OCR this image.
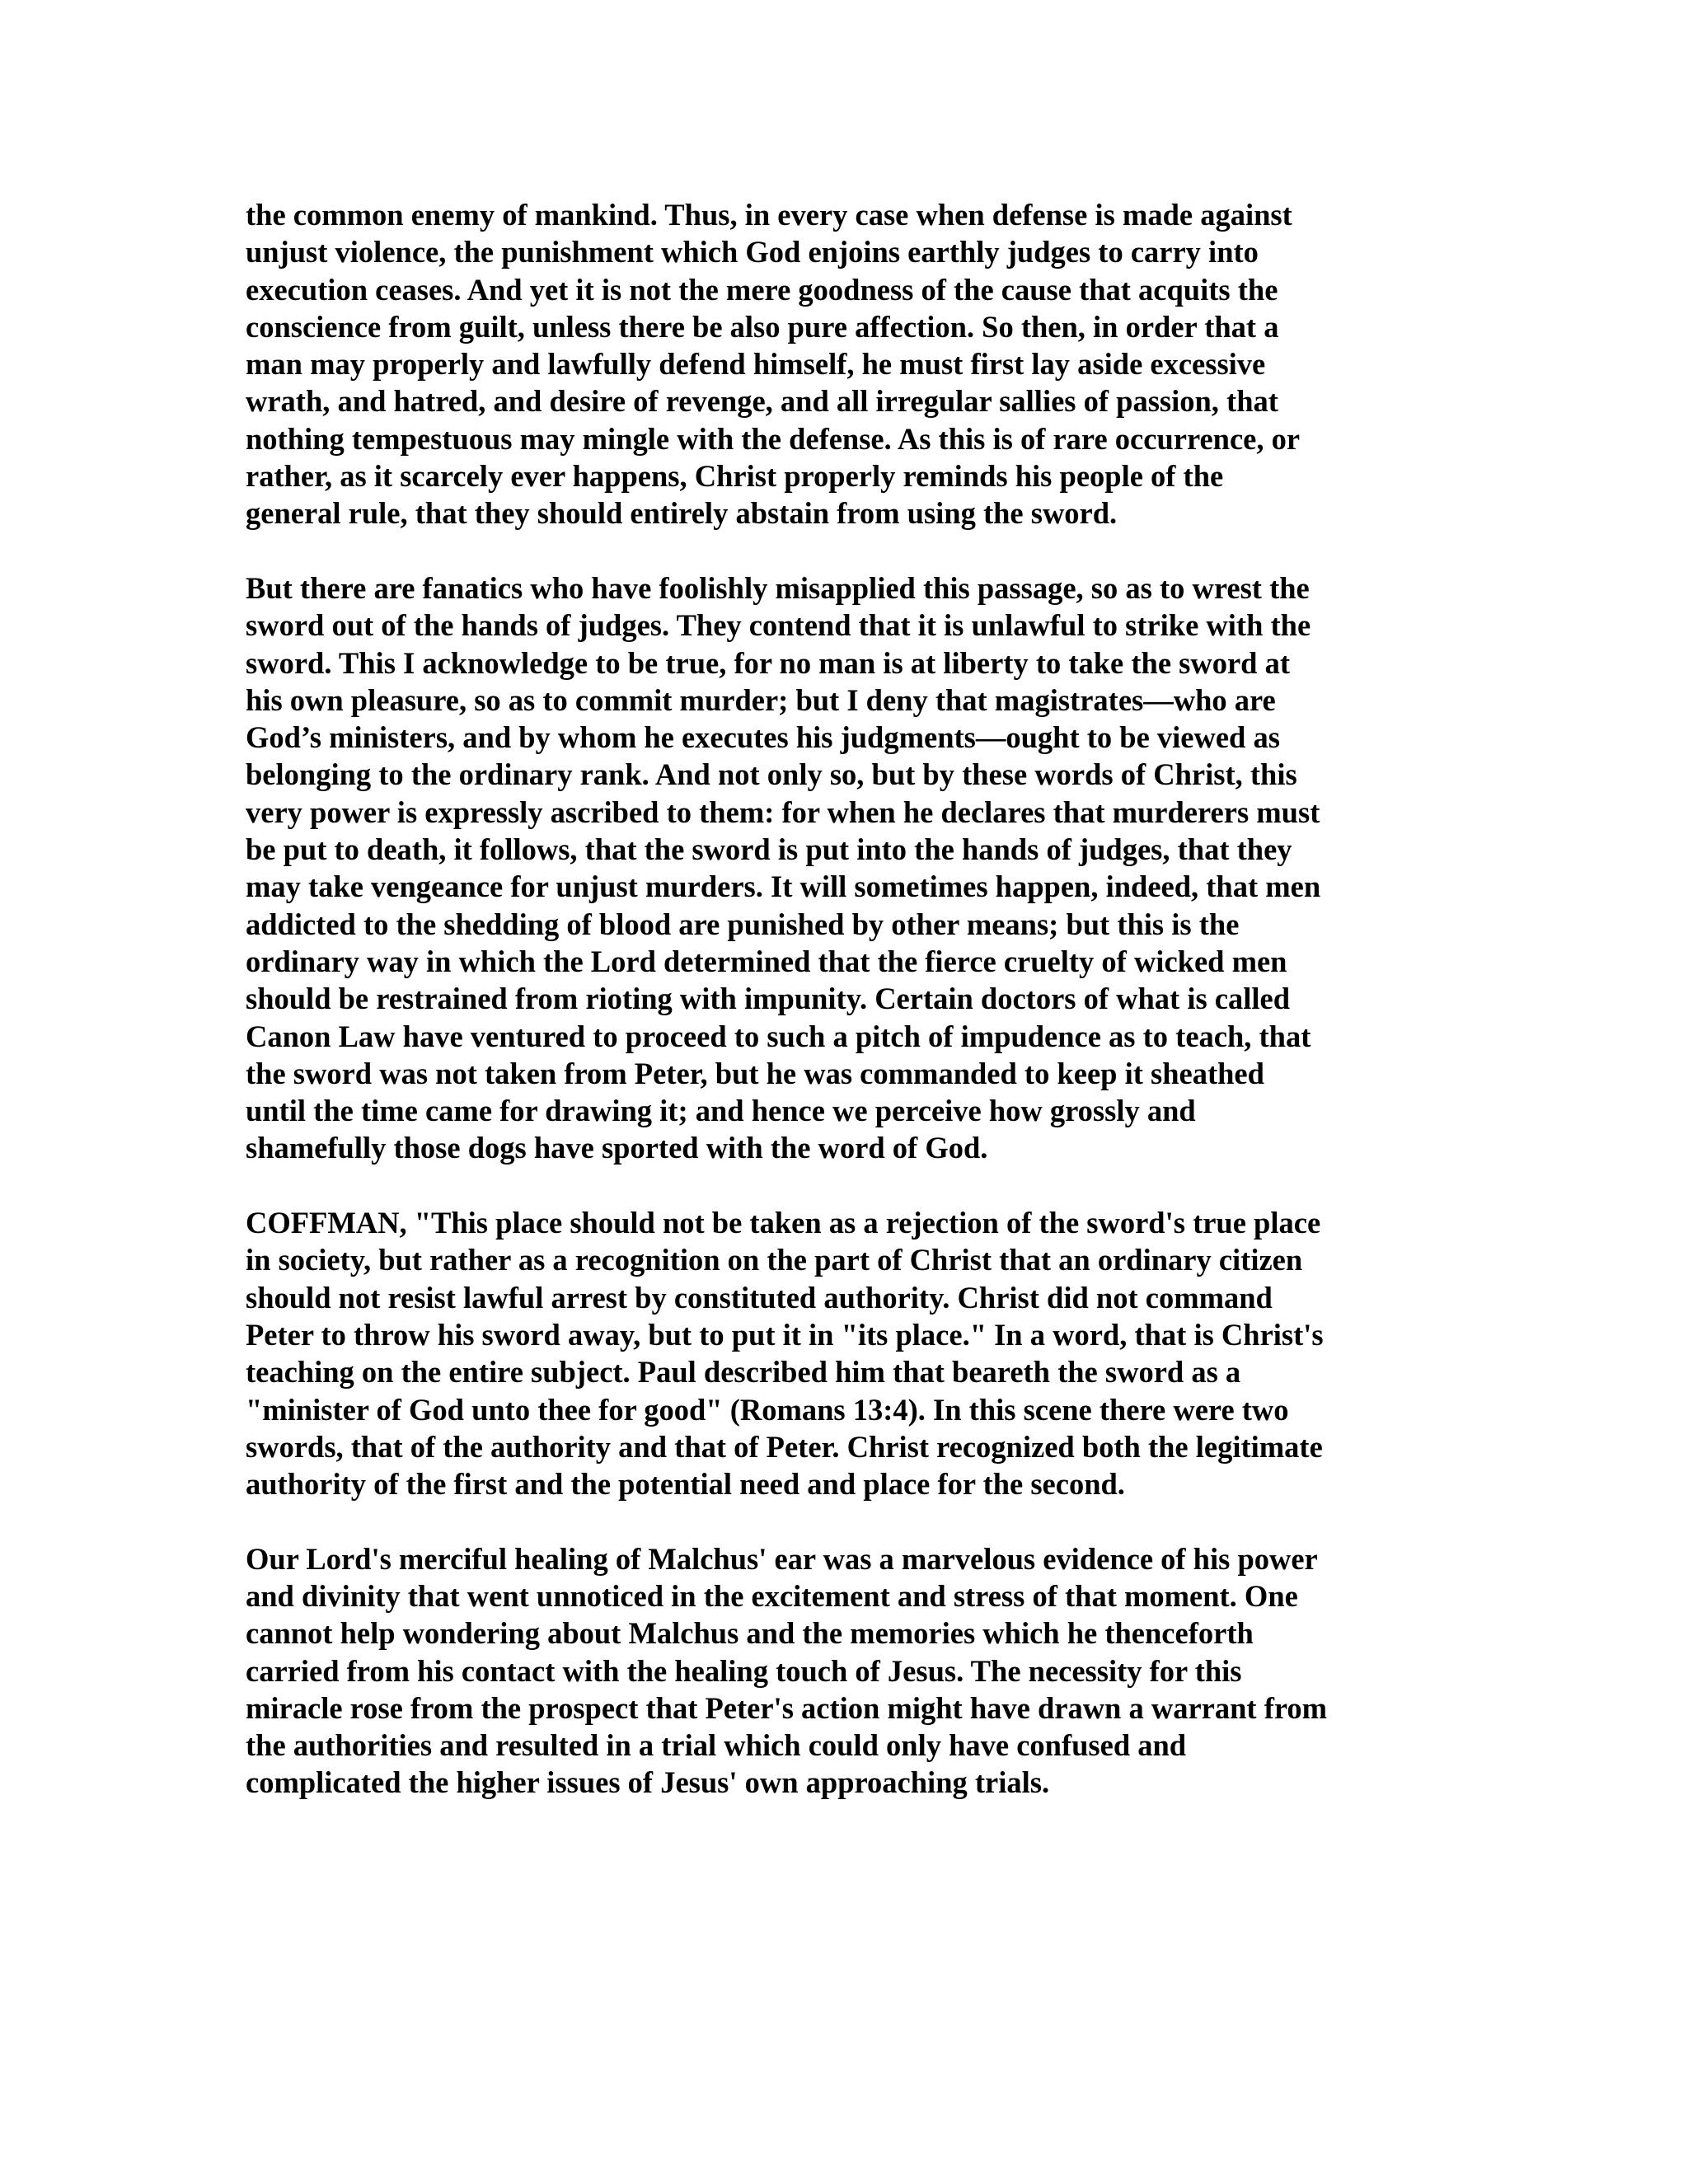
the common enemy of mankind. Thus, in every case when defense is made against
unjust violence, the punishment which God enjoins earthly judges to carry into
execution ceases. And yet it is not the mere goodness of the cause that acquits the
conscience from guilt, unless there be also pure affection. So then, in order that a
man may properly and lawfully defend himself, he must first lay aside excessive
wrath, and hatred, and desire of revenge, and all irregular sallies of passion, that
nothing tempestuous may mingle with the defense. As this is of rare occurrence, or
rather, as it scarcely ever happens, Christ properly reminds his people of the
general rule, that they should entirely abstain from using the sword.

But there are fanatics who have foolishly misapplied this passage, so as to wrest the
sword out of the hands of judges. They contend that it is unlawful to strike with the
sword. This I acknowledge to be true, for no man is at liberty to take the sword at
his own pleasure, so as to commit murder; but I deny that magistrates—who are
God’s ministers, and by whom he executes his judgments—ought to be viewed as
belonging to the ordinary rank. And not only so, but by these words of Christ, this
very power is expressly ascribed to them: for when he declares that murderers must
be put to death, it follows, that the sword is put into the hands of judges, that they
may take vengeance for unjust murders. It will sometimes happen, indeed, that men
addicted to the shedding of blood are punished by other means; but this is the
ordinary way in which the Lord determined that the fierce cruelty of wicked men
should be restrained from rioting with impunity. Certain doctors of what is called
Canon Law have ventured to proceed to such a pitch of impudence as to teach, that
the sword was not taken from Peter, but he was commanded to keep it sheathed
until the time came for drawing it; and hence we perceive how grossly and
shamefully those dogs have sported with the word of God.

COFFMAN, "This place should not be taken as a rejection of the sword's true place
in society, but rather as a recognition on the part of Christ that an ordinary citizen
should not resist lawful arrest by constituted authority. Christ did not command
Peter to throw his sword away, but to put it in "its place." In a word, that is Christ's
teaching on the entire subject. Paul described him that beareth the sword as a
"minister of God unto thee for good" (Romans 13:4). In this scene there were two
swords, that of the authority and that of Peter. Christ recognized both the legitimate
authority of the first and the potential need and place for the second.

Our Lord's merciful healing of Malchus' ear was a marvelous evidence of his power
and divinity that went unnoticed in the excitement and stress of that moment. One
cannot help wondering about Malchus and the memories which he thenceforth
carried from his contact with the healing touch of Jesus. The necessity for this
miracle rose from the prospect that Peter's action might have drawn a warrant from
the authorities and resulted in a trial which could only have confused and
complicated the higher issues of Jesus' own approaching trials.
